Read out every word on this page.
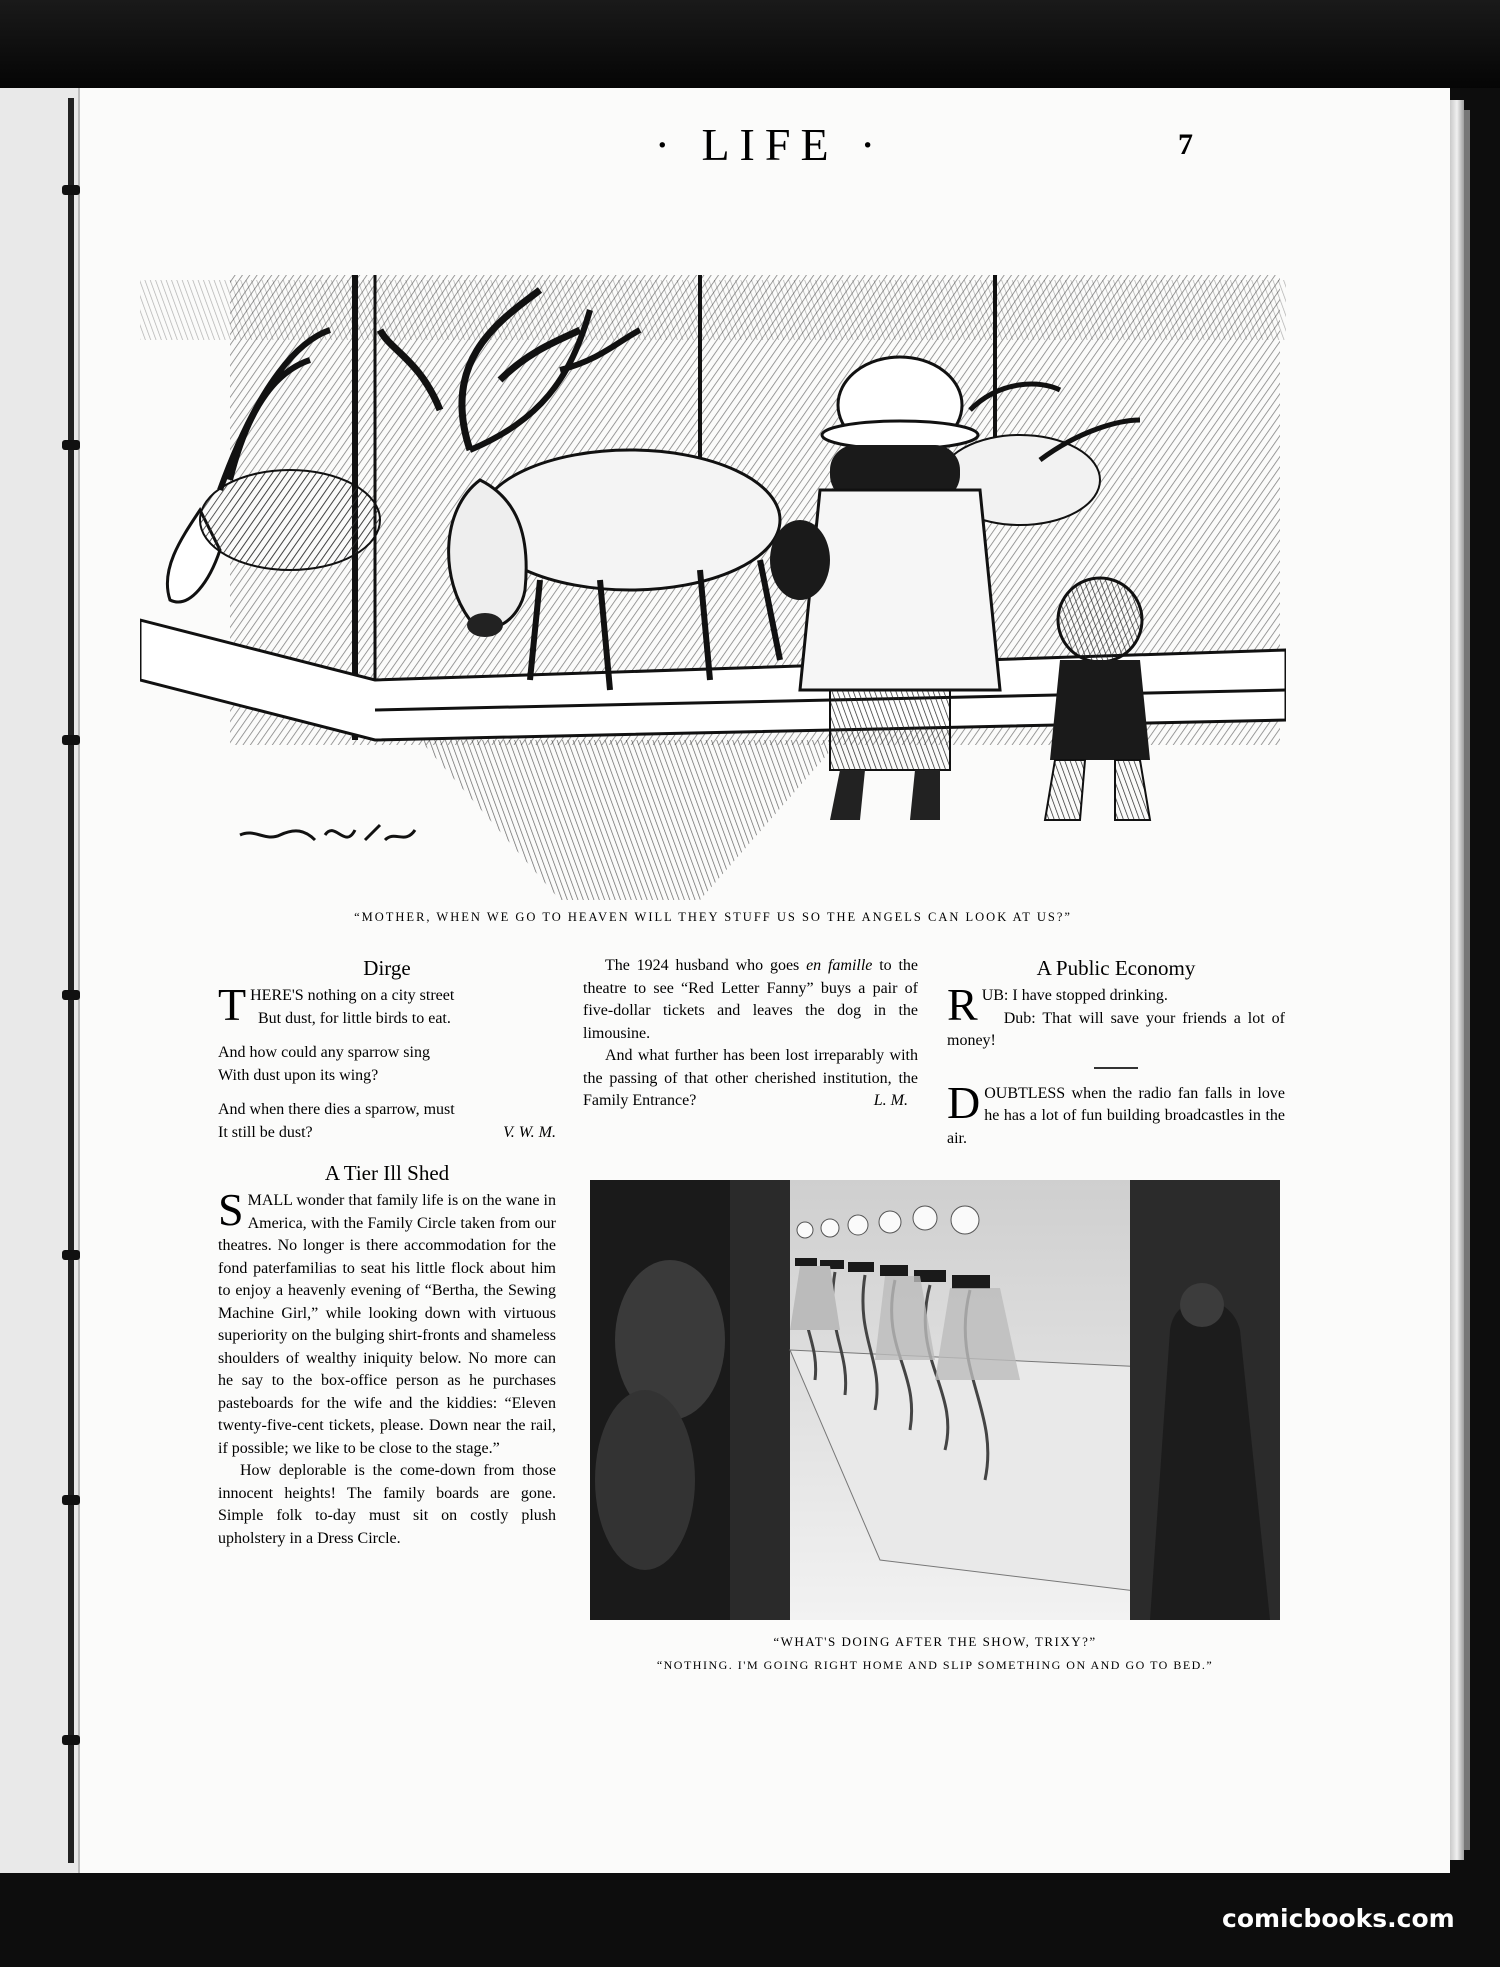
· LIFE ·	7
“MOTHER, WHEN WE GO TO HEAVEN WILL THEY STUFF US SO THE ANGELS CAN LOOK AT US?”
Dirge
T HERE'S nothing on a city street

But dust, for little birds to eat.

And how could any sparrow sing

With dust upon its wing?

And when there dies a sparrow, must

It still be dust?	V. W. M.

A Tier Ill Shed

SMALL wonder that family life is on the wane in America, with the Family Circle taken from our theatres. No longer is there accommodation for the fond paterfamilias to seat his little flock about him to enjoy a heavenly evening of “Bertha, the Sewing Machine Girl,” while looking down with virtuous superiority on the bulging shirt-fronts and shameless shoulders of wealthy iniquity below. No more can he say to the box-office person as he purchases pasteboards for the wife and the kiddies: “Eleven twenty-five-cent tickets, please. Down near the rail, if possible; we like to be close to the stage.”

How deplorable is the come-down from those innocent heights! The family boards are gone. Simple folk to-day must sit on costly plush upholstery in a Dress Circle.

The 1924 husband who goes en famille to the theatre to see “Red Letter Fanny” buys a pair of five-dollar tickets and leaves the dog in the limousine.

And what further has been lost irreparably with the passing of that other cherished institution, the Family Entrance?	L. M.

A Public Economy

RUB: I have stopped drinking.

Dub: That will save your friends a lot of money!

DOUBTLESS when the radio fan falls in love he has a lot of fun building broadcastles in the air.

“WHAT'S DOING AFTER THE SHOW, TRIXY?”
“NOTHING. I'M GOING RIGHT HOME AND SLIP SOMETHING ON AND GO TO BED.”
comicbooks.com
